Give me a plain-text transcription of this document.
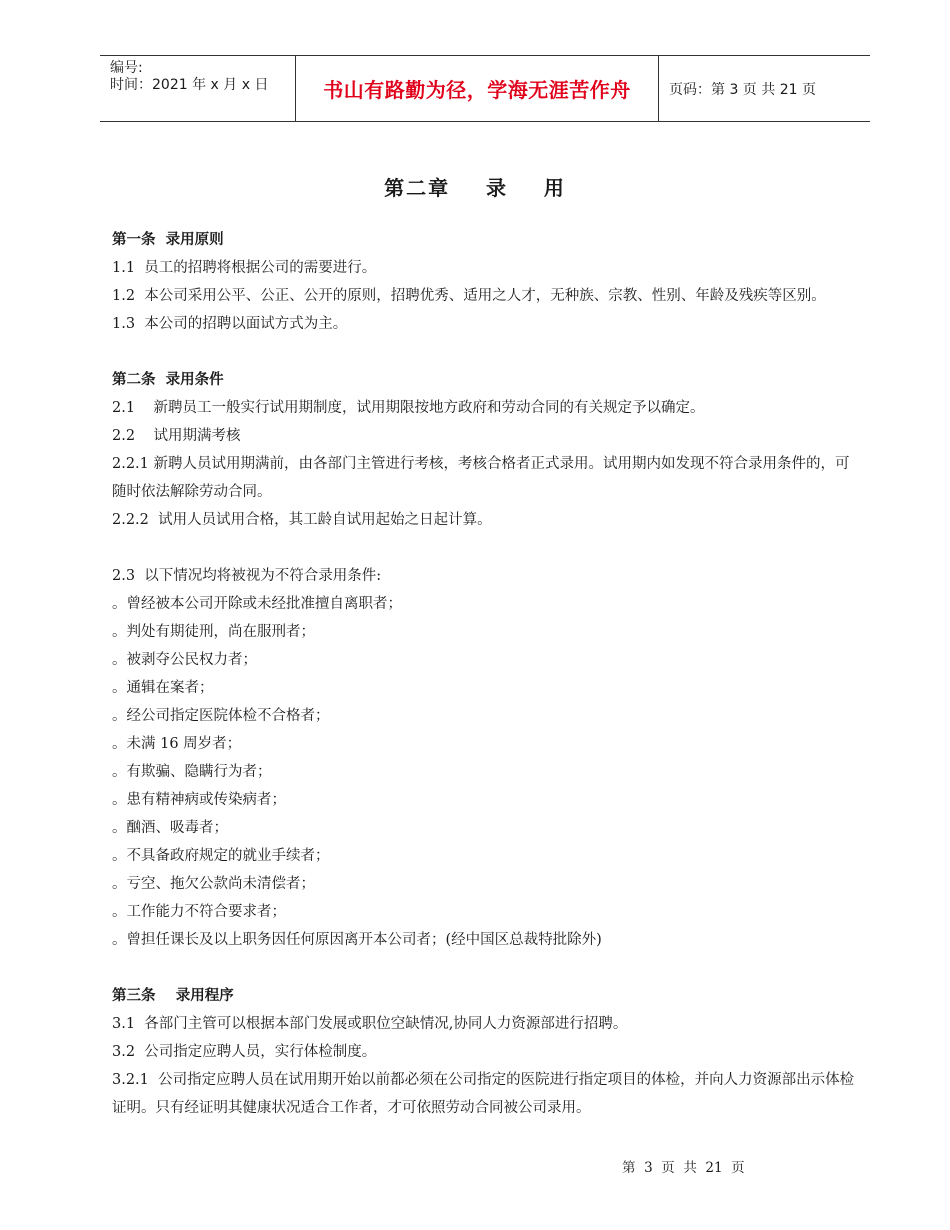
编号:
时间：2021 年 x 月 x 日	书山有路勤为径，学海无涯苦作舟	页码：第 3 页 共 21 页
第二章    录    用
第一条  录用原则
1.1  员工的招聘将根据公司的需要进行。
1.2  本公司采用公平、公正、公开的原则，招聘优秀、适用之人才，无种族、宗教、性别、年龄及残疾等区别。
1.3  本公司的招聘以面试方式为主。
第二条  录用条件
2.1    新聘员工一般实行试用期制度，试用期限按地方政府和劳动合同的有关规定予以确定。
2.2    试用期满考核
2.2.1 新聘人员试用期满前，由各部门主管进行考核，考核合格者正式录用。试用期内如发现不符合录用条件的，可随时依法解除劳动合同。
2.2.2  试用人员试用合格，其工龄自试用起始之日起计算。
2.3  以下情况均将被视为不符合录用条件:
。曾经被本公司开除或未经批准擅自离职者；
。判处有期徒刑，尚在服刑者；
。被剥夺公民权力者；
。通辑在案者；
。经公司指定医院体检不合格者；
。未满 16 周岁者；
。有欺骗、隐瞒行为者；
。患有精神病或传染病者；
。酗酒、吸毒者；
。不具备政府规定的就业手续者；
。亏空、拖欠公款尚未清偿者；
。工作能力不符合要求者；
。曾担任课长及以上职务因任何原因离开本公司者；(经中国区总裁特批除外)
第三条    录用程序
3.1  各部门主管可以根据本部门发展或职位空缺情况,协同人力资源部进行招聘。
3.2  公司指定应聘人员，实行体检制度。
3.2.1  公司指定应聘人员在试用期开始以前都必须在公司指定的医院进行指定项目的体检，并向人力资源部出示体检证明。只有经证明其健康状况适合工作者，才可依照劳动合同被公司录用。
第  3  页  共  21  页
